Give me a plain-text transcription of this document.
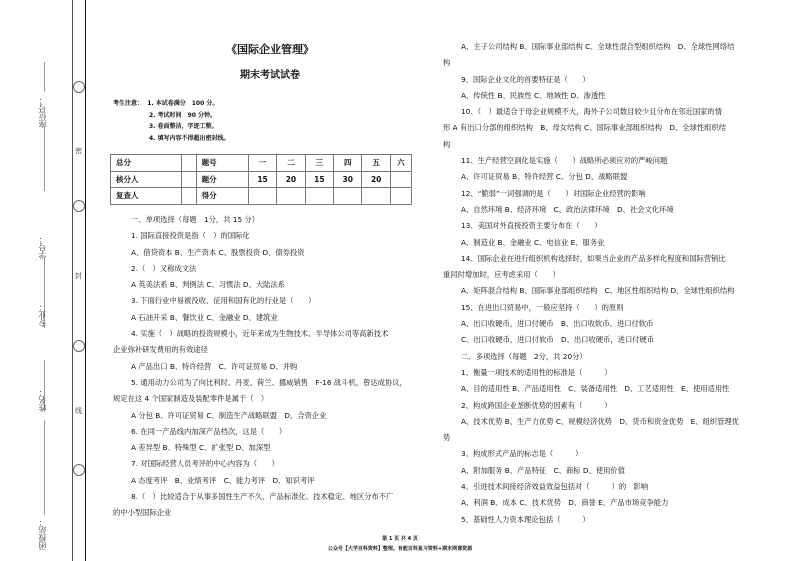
密
封
线
座位号：
学号：
专业：
姓名：
函授站：
《国际企业管理》
期末考试试卷
考生注意： 1. 本试卷满分　100 分。
2. 考试时间　90 分钟。
3. 卷面整洁，字迹工整。
4. 填写内容不得超出密封线。
总分		题号	一	二	三	四	五	六
核分人		题分	15	20	15	30	20	
复查人		得分						
一、单项选择（每题　1分，共 15 分）
1. 国际直接投资是指（　）的国际化
A、借贷资本 B、生产资本 C、股票投资 D、债券投资
2.（　）又称成文法
A 英美法系 B、判例法 C、习惯法 D、大陆法系
3. 下面行业中易被没收、征用和国有化的行业是（　　）
A 石油开采 B、餐饮业 C、金融业 D、建筑业
4. 实施（　）战略的投资规模小，近年来成为生物技术、半导体公司等高新技术
企业弥补研发费用的有效途径
A 产品出口 B、特许经营　C、许可证贸易 D、并购
5. 通用动力公司为了向比利时、丹麦、荷兰、挪威销售　F-16 战斗机，曾达成协议，
规定在这 4 个国家制造及装配零件是属于（　）
A 分包 B、许可证贸易 C、制造生产战略联盟　D、合资企业
6. 在同一产品线内加深产品档次，这是（　　）
A 差异型 B、特殊型 C、扩张型 D、加深型
7. 对国际经营人员考评的中心内容为（　　）
A 态度考评　B、业绩考评　C、能力考评　D、知识考评
8.（　）比较适合于从事多国性生产不久、产品标准化、技术稳定、地区分布不广
的中小型国际企业
A、主子公司结构 B、国际事业部结构 C、全球性混合型组织结构　D、全球性网络结
构
9、国际企业文化的首要特征是（　　）
A、传统性 B、民族性 C、地域性 D、渗透性
10、（　）最适合于母企业规模不大，海外子公司数目较少且分布在邻近国家的情
形 A 有出口分部的组织结构　B、母女结构 C、国际事业部组织结构　D、全球性组织结
构
11、生产经营空洞化是实施（　　）战略所必须应对的严峻问题
A、许可证贸易 B、特许经营 C、分包 D、战略联盟
12、“脆弱”一词强调的是（　　）对国际企业经营的影响
A、自然环境 B、经济环境　C、政治法律环境　D、社会文化环境
13、美国对外直接投资主要分布在（　　）
A、制造业 B、金融业 C、电信业 E、服务业
14、国际企业在进行组织机构选择时，如果当企业的产品多样化程度和国际营销比
重同时增加时，应考虑采用（　　）
A、矩阵混合结构 B、国际事业部组织结构　C、地区性组织结构 D、全球性组织结构
15、在进出口贸易中，一般应坚持（　　）的原则
A、出口收硬币，进口付硬币　B、出口收软币、进口付软币
C、出口收硬币，进口付软币　D、出口收硬币，进口付硬币
二、多项选择（每题　2分，共 20分）
1、衡量一项技术的适用性的标准是（　　　）
A、目的适用性 B、产品适用性　C、装备适用性　D、工艺适用性　E、使用适用性
2、构成跨国企业垄断优势的因素有（　　　）
A、技术优势 B、生产力优势 C、规模经济优势　D、货币和资金优势　E、组织管理优
势
3、构成形式产品的标志是（　　　）
A、附加服务 B、产品特征　C、商标 D、使用价值
4、引进技术间接经济效益效益包括对（　　　）的　影响
A、利润 B、成本 C、技术优势　D、商誉 E、产品市场竞争能力
5、基础性人力资本理论包括（　　　）
第 1 页 共 4 页
公众号【大学百科资料】整理。有能百科复习资料+期末网课资源
